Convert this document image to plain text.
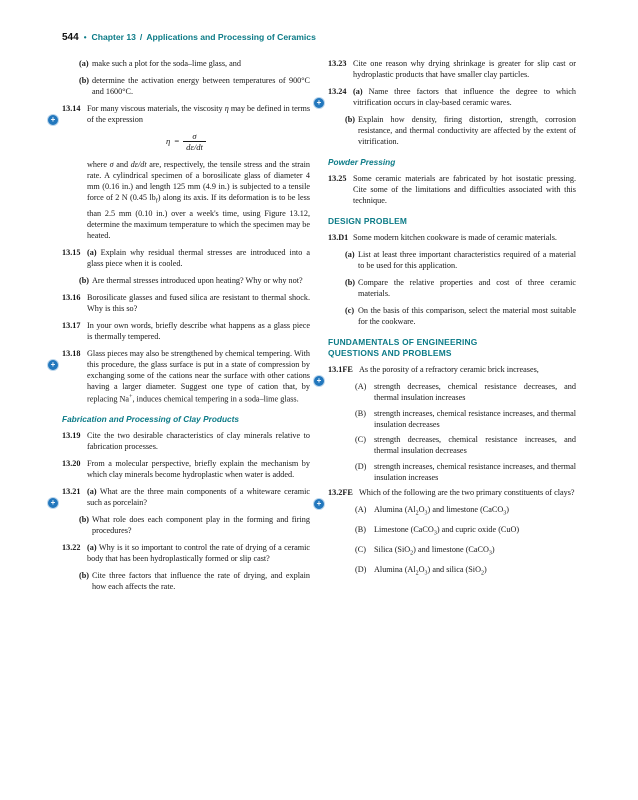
544 • Chapter 13 / Applications and Processing of Ceramics
(a) make such a plot for the soda–lime glass, and
(b) determine the activation energy between temperatures of 900°C and 1600°C.
+
13.14 For many viscous materials, the viscosity η may be defined in terms of the expression
$\eta = \frac{\sigma}{d\varepsilon/dt}$
where σ and dε/dt are, respectively, the tensile stress and the strain rate. A cylindrical specimen of a borosilicate glass of diameter 4 mm (0.16 in.) and length 125 mm (4.9 in.) is subjected to a tensile force of 2 N (0.45 $lb_f$) along its axis. If its deformation is to be less than 2.5 mm (0.10 in.) over a week's time, using Figure 13.12, determine the maximum temperature to which the specimen may be heated.
13.15 (a) Explain why residual thermal stresses are introduced into a glass piece when it is cooled.
(b) Are thermal stresses introduced upon heating? Why or why not?
13.16 Borosilicate glasses and fused silica are resistant to thermal shock. Why is this so?
13.17 In your own words, briefly describe what happens as a glass piece is thermally tempered.
+
13.18 Glass pieces may also be strengthened by chemical tempering. With this procedure, the glass surface is put in a state of compression by exchanging some of the cations near the surface with other cations having a larger diameter. Suggest one type of cation that, by replacing Na+, induces chemical tempering in a soda–lime glass.
Fabrication and Processing of Clay Products
13.19 Cite the two desirable characteristics of clay minerals relative to fabrication processes.
13.20 From a molecular perspective, briefly explain the mechanism by which clay minerals become hydroplastic when water is added.
+
13.21 (a) What are the three main components of a whiteware ceramic such as porcelain?
(b) What role does each component play in the forming and firing procedures?
13.22 (a) Why is it so important to control the rate of drying of a ceramic body that has been hydroplastically formed or slip cast?
(b) Cite three factors that influence the rate of drying, and explain how each affects the rate.
13.23 Cite one reason why drying shrinkage is greater for slip cast or hydroplastic products that have smaller clay particles.
+
13.24 (a) Name three factors that influence the degree to which vitrification occurs in clay-based ceramic wares.
(b) Explain how density, firing distortion, strength, corrosion resistance, and thermal conductivity are affected by the extent of vitrification.
Powder Pressing
13.25 Some ceramic materials are fabricated by hot isostatic pressing. Cite some of the limitations and difficulties associated with this technique.
DESIGN PROBLEM
13.D1 Some modern kitchen cookware is made of ceramic materials.
(a) List at least three important characteristics required of a material to be used for this application.
(b) Compare the relative properties and cost of three ceramic materials.
(c) On the basis of this comparison, select the material most suitable for the cookware.
FUNDAMENTALS OF ENGINEERING QUESTIONS AND PROBLEMS
+
13.1FE As the porosity of a refractory ceramic brick increases,
(A) strength decreases, chemical resistance decreases, and thermal insulation increases
(B) strength increases, chemical resistance increases, and thermal insulation decreases
(C) strength decreases, chemical resistance increases, and thermal insulation decreases
(D) strength increases, chemical resistance increases, and thermal insulation increases
+
13.2FE Which of the following are the two primary constituents of clays?
(A) Alumina $(Al_2O_3)$ and limestone (CaCO$_3$)
(B) Limestone (CaCO$_3$) and cupric oxide (CuO)
(C) Silica (SiO$_2$) and limestone (CaCO$_3$)
(D) Alumina $(Al_2O_3)$ and silica (SiO$_2$)
